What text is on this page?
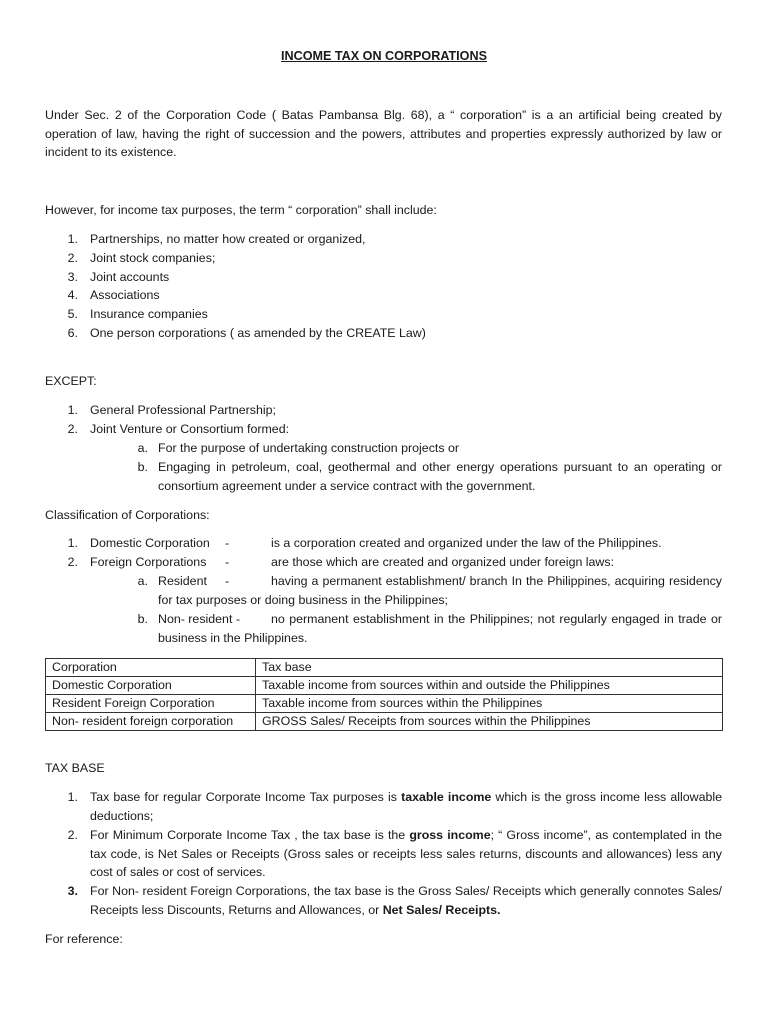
INCOME TAX ON CORPORATIONS
Under Sec. 2 of the Corporation Code ( Batas Pambansa Blg. 68), a “ corporation” is a an artificial being created by operation of law, having the right of succession and the powers, attributes and properties expressly authorized by law or incident to its existence.
However, for income tax purposes, the term “ corporation” shall include:
1. Partnerships, no matter how created or organized,
2. Joint stock companies;
3. Joint accounts
4. Associations
5. Insurance companies
6. One person corporations ( as amended by the CREATE Law)
EXCEPT:
1. General Professional Partnership;
2. Joint Venture or Consortium formed:
a. For the purpose of undertaking construction projects or
b. Engaging in petroleum, coal, geothermal and other energy operations pursuant to an operating or consortium agreement under a service contract with the government.
Classification of Corporations:
1. Domestic Corporation -	is a corporation created and organized under the law of the Philippines.
2. Foreign Corporations -	are those which are created and organized under foreign laws:
a. Resident -	having a permanent establishment/ branch In the Philippines, acquiring residency for tax purposes or doing business in the Philippines;
b. Non- resident -	no permanent establishment in the Philippines; not regularly engaged in trade or business in the Philippines.
Corporation	Tax base
Domestic Corporation	Taxable income from sources within and outside the Philippines
Resident Foreign Corporation	Taxable income from sources within the Philippines
Non- resident foreign corporation	GROSS Sales/ Receipts from sources within the Philippines
TAX BASE
1. Tax base for regular Corporate Income Tax purposes is taxable income which is the gross income less allowable deductions;
2. For Minimum Corporate Income Tax , the tax base is the gross income; “ Gross income”, as contemplated in the tax code, is Net Sales or Receipts (Gross sales or receipts less sales returns, discounts and allowances) less any cost of sales or cost of services.
3. For Non- resident Foreign Corporations, the tax base is the Gross Sales/ Receipts which generally connotes Sales/ Receipts less Discounts, Returns and Allowances, or Net Sales/ Receipts.
For reference:
